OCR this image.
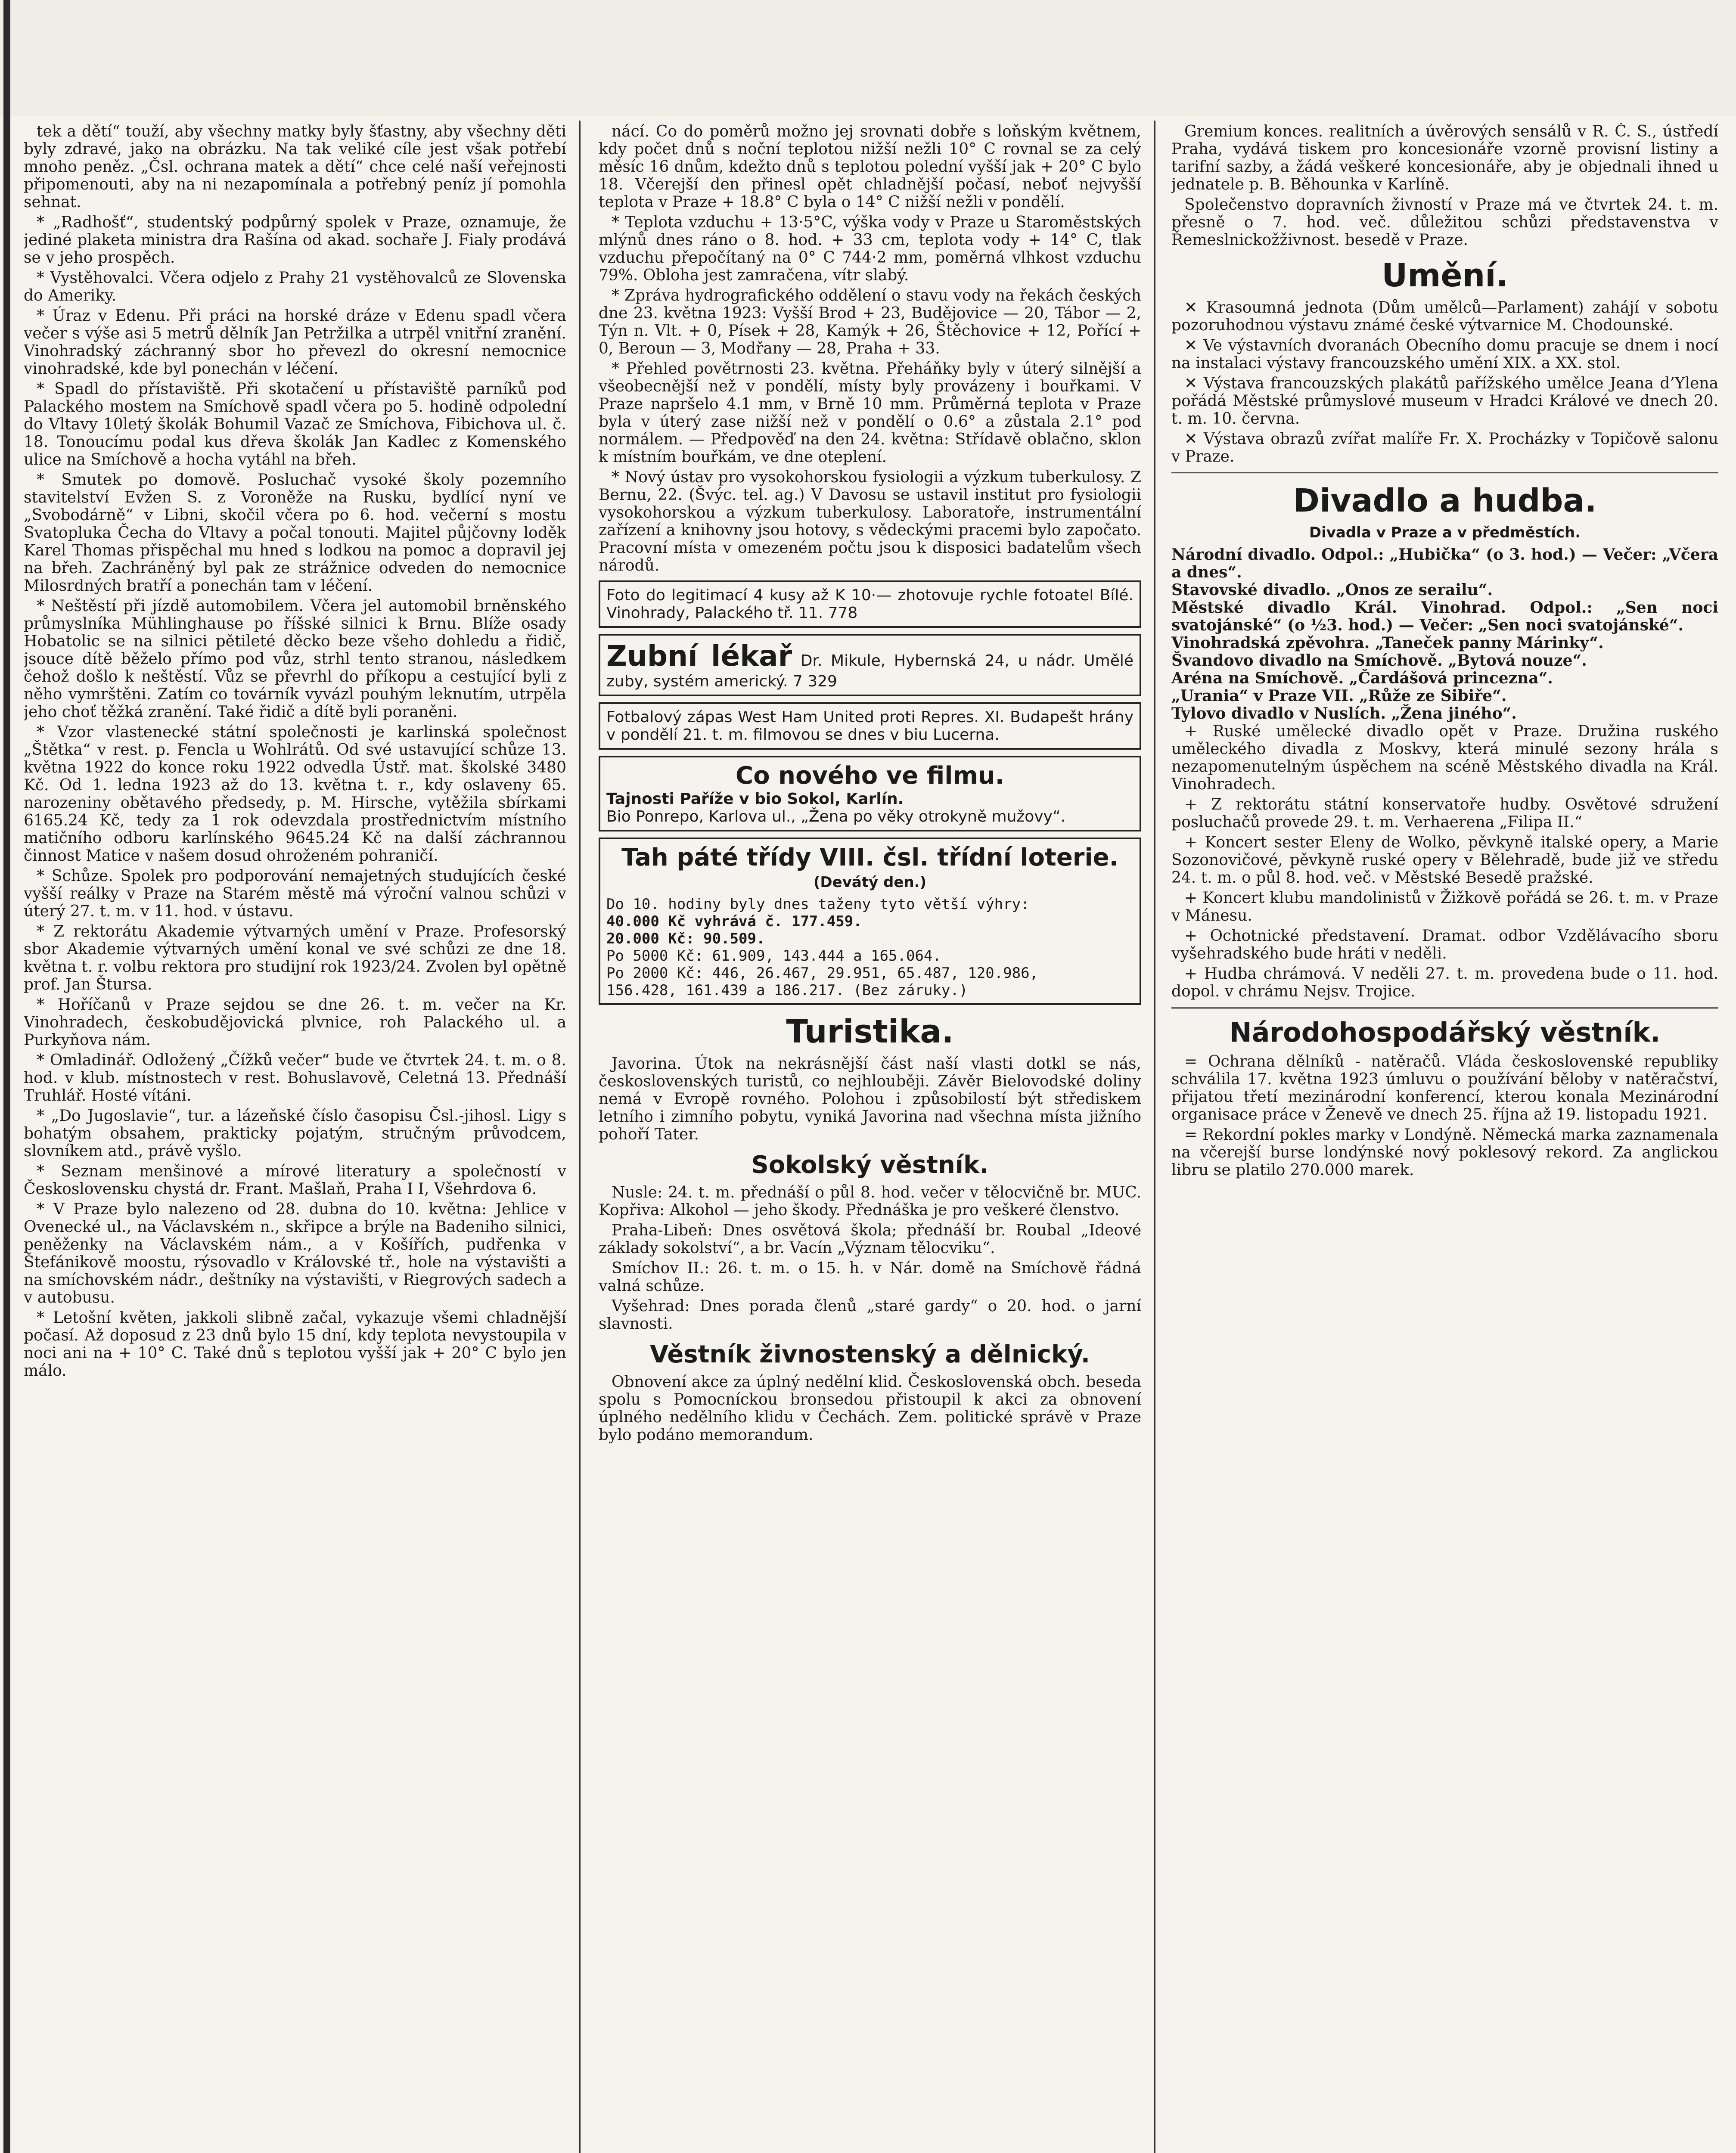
tek a dětí“ touží, aby všechny matky byly šťastny, aby všechny děti byly zdravé, jako na obrázku. Na tak veliké cíle jest však potřebí mnoho peněz. „Čsl. ochrana matek a dětí“ chce celé naší veřejnosti připomenouti, aby na ni nezapomínala a potřebný peníz jí pomohla sehnat.

* „Radhošť“, studentský podpůrný spolek v Praze, oznamuje, že jediné plaketa ministra dra Rašína od akad. sochaře J. Fialy prodává se v jeho prospěch.

* Vystěhovalci. Včera odjelo z Prahy 21 vystěhovalců ze Slovenska do Ameriky.

* Úraz v Edenu. Při práci na horské dráze v Edenu spadl včera večer s výše asi 5 metrů dělník Jan Petržilka a utrpěl vnitřní zranění. Vinohradský záchranný sbor ho převezl do okresní nemocnice vinohradské, kde byl ponechán v léčení.

* Spadl do přístaviště. Při skotačení u přístaviště parníků pod Palackého mostem na Smíchově spadl včera po 5. hodině odpolední do Vltavy 10letý školák Bohumil Vazač ze Smíchova, Fibichova ul. č. 18. Tonoucímu podal kus dřeva školák Jan Kadlec z Komenského ulice na Smíchově a hocha vytáhl na břeh.

* Smutek po domově. Posluchač vysoké školy pozemního stavitelství Evžen S. z Voroněže na Rusku, bydlící nyní ve „Svobodárně“ v Libni, skočil včera po 6. hod. večerní s mostu Svatopluka Čecha do Vltavy a počal tonouti. Majitel půjčovny loděk Karel Thomas přispěchal mu hned s lodkou na pomoc a dopravil jej na břeh. Zachráněný byl pak ze strážnice odveden do nemocnice Milosrdných bratří a ponechán tam v léčení.

* Neštěstí při jízdě automobilem. Včera jel automobil brněnského průmyslníka Mühlinghause po říšské silnici k Brnu. Blíže osady Hobatolic se na silnici pětileté děcko beze všeho dohledu a řidič, jsouce dítě běželo přímo pod vůz, strhl tento stranou, následkem čehož došlo k neštěstí. Vůz se převrhl do příkopu a cestující byli z něho vymrštěni. Zatím co továrník vyvázl pouhým leknutím, utrpěla jeho choť těžká zranění. Také řidič a dítě byli poraněni.

* Vzor vlastenecké státní společnosti je karlinská společnost „Štětka“ v rest. p. Fencla u Wohlrátů. Od své ustavující schůze 13. května 1922 do konce roku 1922 odvedla Ústř. mat. školské 3480 Kč. Od 1. ledna 1923 až do 13. května t. r., kdy oslaveny 65. narozeniny obětavého předsedy, p. M. Hirsche, vytěžila sbírkami 6165.24 Kč, tedy za 1 rok odevzdala prostřednictvím místního matičního odboru karlínského 9645.24 Kč na další záchrannou činnost Matice v našem dosud ohroženém pohraničí.

* Schůze. Spolek pro podporování nemajetných studujících české vyšší reálky v Praze na Starém městě má výroční valnou schůzi v úterý 27. t. m. v 11. hod. v ústavu.

* Z rektorátu Akademie výtvarných umění v Praze. Profesorský sbor Akademie výtvarných umění konal ve své schůzi ze dne 18. května t. r. volbu rektora pro studijní rok 1923/24. Zvolen byl opětně prof. Jan Štursa.

* Hoříčanů v Praze sejdou se dne 26. t. m. večer na Kr. Vinohradech, českobudějovická plvnice, roh Palackého ul. a Purkyňova nám.

* Omladinář. Odložený „Čížků večer“ bude ve čtvrtek 24. t. m. o 8. hod. v klub. místnostech v rest. Bohuslavově, Celetná 13. Přednáší Truhlář. Hosté vítáni.

* „Do Jugoslavie“, tur. a lázeňské číslo časopisu Čsl.-jihosl. Ligy s bohatým obsahem, prakticky pojatým, stručným průvodcem, slovníkem atd., právě vyšlo.

* Seznam menšinové a mírové literatury a společností v Československu chystá dr. Frant. Mašlaň, Praha I I, Všehrdova 6.

* V Praze bylo nalezeno od 28. dubna do 10. května: Jehlice v Ovenecké ul., na Václavském n., skřipce a brýle na Badeniho silnici, peněženky na Václavském nám., a v Košířích, pudřenka v Štefánikově moostu, rýsovadlo v Královské tř., hole na výstavišti a na smíchovském nádr., deštníky na výstavišti, v Riegrových sadech a v autobusu.

* Letošní květen, jakkoli slibně začal, vykazuje všemi chladnější počasí. Až doposud z 23 dnů bylo 15 dní, kdy teplota nevystoupila v noci ani na + 10° C. Také dnů s teplotou vyšší jak + 20° C bylo jen málo.

nácí. Co do poměrů možno jej srovnati dobře s loňským květnem, kdy počet dnů s noční teplotou nižší nežli 10° C rovnal se za celý měsíc 16 dnům, kdežto dnů s teplotou polední vyšší jak + 20° C bylo 18. Včerejší den přinesl opět chladnější počasí, neboť nejvyšší teplota v Praze + 18.8° C byla o 14° C nižší nežli v pondělí.

* Teplota vzduchu + 13·5°C, výška vody v Praze u Staroměstských mlýnů dnes ráno o 8. hod. + 33 cm, teplota vody + 14° C, tlak vzduchu přepočítaný na 0° C 744·2 mm, poměrná vlhkost vzduchu 79%. Obloha jest zamračena, vítr slabý.

* Zpráva hydrografického oddělení o stavu vody na řekách českých dne 23. května 1923: Vyšší Brod + 23, Budějovice — 20, Tábor — 2, Týn n. Vlt. + 0, Písek + 28, Kamýk + 26, Štěchovice + 12, Pořící + 0, Beroun — 3, Modřany — 28, Praha + 33.

* Přehled povětrnosti 23. května. Přeháňky byly v úterý silnější a všeobecnější než v pondělí, místy byly provázeny i bouřkami. V Praze napršelo 4.1 mm, v Brně 10 mm. Průměrná teplota v Praze byla v úterý zase nižší než v pondělí o 0.6° a zůstala 2.1° pod normálem. — Předpověď na den 24. května: Střídavě oblačno, sklon k místním bouřkám, ve dne oteplení.

* Nový ústav pro vysokohorskou fysiologii a výzkum tuberkulosy. Z Bernu, 22. (Švýc. tel. ag.) V Davosu se ustavil institut pro fysiologii vysokohorskou a výzkum tuberkulosy. Laboratoře, instrumentální zařízení a knihovny jsou hotovy, s vědeckými pracemi bylo započato. Pracovní místa v omezeném počtu jsou k disposici badatelům všech národů.

Foto do legitimací 4 kusy až K 10·— zhotovuje rychle fotoatel Bílé. Vinohrady, Palackého tř. 11. 778
Zubní lékař Dr. Mikule, Hybernská 24, u nádr. Umělé zuby, systém americký. 7 329
Fotbalový zápas West Ham United proti Repres. XI. Budapešt hrány v pondělí 21. t. m. filmovou se dnes v biu Lucerna.
Co nového ve filmu.
Tajnosti Paříže v bio Sokol, Karlín.
Bio Ponrepo, Karlova ul., „Žena po věky otrokyně mužovy“.
Tah páté třídy VIII. čsl. třídní loterie.
(Devátý den.)
Do 10. hodiny byly dnes taženy tyto větší výhry:
40.000 Kč vyhrává č. 177.459.
20.000 Kč: 90.509.
Po 5000 Kč: 61.909, 143.444 a 165.064.
Po 2000 Kč: 446, 26.467, 29.951, 65.487, 120.986,
156.428, 161.439 a 186.217. (Bez záruky.)
Turistika.

Javorina. Útok na nekrásnější část naší vlasti dotkl se nás, československých turistů, co nejhlouběji. Závěr Bielovodské doliny nemá v Evropě rovného. Polohou i způsobilostí být střediskem letního i zimního pobytu, vyniká Javorina nad všechna místa jižního pohoří Tater.

Sokolský věstník.

Nusle: 24. t. m. přednáší o půl 8. hod. večer v tělocvičně br. MUC. Kopřiva: Alkohol — jeho škody. Přednáška je pro veškeré členstvo.

Praha-Libeň: Dnes osvětová škola; přednáší br. Roubal „Ideové základy sokolství“, a br. Vacín „Význam tělocviku“.

Smíchov II.: 26. t. m. o 15. h. v Nár. domě na Smíchově řádná valná schůze.

Vyšehrad: Dnes porada členů „staré gardy“ o 20. hod. o jarní slavnosti.

Věstník živnostenský a dělnický.

Obnovení akce za úplný nedělní klid. Československá obch. beseda spolu s Pomocníckou bronsedou přistoupil k akci za obnovení úplného nedělního klidu v Čechách. Zem. politické správě v Praze bylo podáno memorandum.

Gremium konces. realitních a úvěrových sensálů v R. Č. S., ústředí Praha, vydává tiskem pro koncesionáře vzorně provisní listiny a tarifní sazby, a žádá veškeré koncesionáře, aby je objednali ihned u jednatele p. B. Běhounka v Karlíně.

Společenstvo dopravních živností v Praze má ve čtvrtek 24. t. m. přesně o 7. hod. več. důležitou schůzi představenstva v Řemeslnickožživnost. besedě v Praze.

Umění.

✕ Krasoumná jednota (Dům umělců—Parlament) zahájí v sobotu pozoruhodnou výstavu známé české výtvarnice M. Chodounské.

✕ Ve výstavních dvoranách Obecního domu pracuje se dnem i nocí na instalaci výstavy francouzského umění XIX. a XX. stol.

✕ Výstava francouzských plakátů pařížského umělce Jeana d’Ylena pořádá Městské průmyslové museum v Hradci Králové ve dnech 20. t. m. 10. června.

✕ Výstava obrazů zvířat malíře Fr. X. Procházky v Topičově salonu v Praze.

Divadlo a hudba.
Divadla v Praze a v předměstích.
Národní divadlo. Odpol.: „Hubička“ (o 3. hod.) — Večer: „Včera a dnes“.
Stavovské divadlo. „Onos ze serailu“.
Městské divadlo Král. Vinohrad. Odpol.: „Sen noci svatojánské“ (o ½3. hod.) — Večer: „Sen noci svatojánské“.
Vinohradská zpěvohra. „Taneček panny Márinky“.
Švandovo divadlo na Smíchově. „Bytová nouze“.
Aréna na Smíchově. „Čardášová princezna“.
„Urania“ v Praze VII. „Růže ze Sibiře“.
Tylovo divadlo v Nuslích. „Žena jiného“.

+ Ruské umělecké divadlo opět v Praze. Družina ruského uměleckého divadla z Moskvy, která minulé sezony hrála s nezapomenutelným úspěchem na scéně Městského divadla na Král. Vinohradech.

+ Z rektorátu státní konservatoře hudby. Osvětové sdružení posluchačů provede 29. t. m. Verhaerena „Filipa II.“

+ Koncert sester Eleny de Wolko, pěvkyně italské opery, a Marie Sozonovičové, pěvkyně ruské opery v Bělehradě, bude již ve středu 24. t. m. o půl 8. hod. več. v Městské Besedě pražské.

+ Koncert klubu mandolinistů v Žižkově pořádá se 26. t. m. v Praze v Mánesu.

+ Ochotnické představení. Dramat. odbor Vzdělávacího sboru vyšehradského bude hráti v neděli.

+ Hudba chrámová. V neděli 27. t. m. provedena bude o 11. hod. dopol. v chrámu Nejsv. Trojice.

Národohospodářský věstník.

= Ochrana dělníků - natěračů. Vláda československé republiky schválila 17. května 1923 úmluvu o používání běloby v natěračství, přijatou třetí mezinárodní konferencí, kterou konala Mezinárodní organisace práce v Ženevě ve dnech 25. října až 19. listopadu 1921.

= Rekordní pokles marky v Londýně. Německá marka zaznamenala na včerejší burse londýnské nový poklesový rekord. Za anglickou libru se platilo 270.000 marek.
